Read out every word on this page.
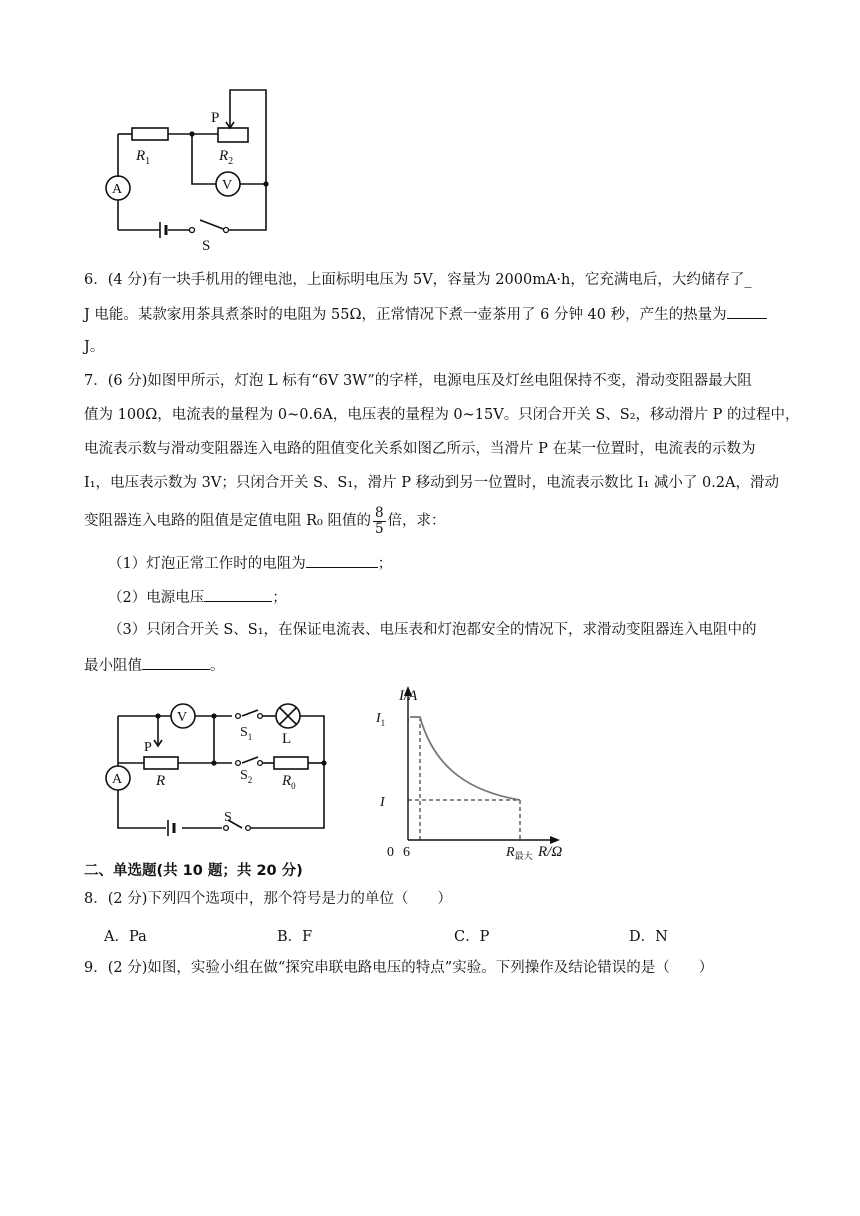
P
$R_1$	$R_2$
A	V
S
6．(4 分)有一块手机用的锂电池，上面标明电压为 5V，容量为 2000mA·h，它充满电后，大约储存了_
J 电能。某款家用茶具煮茶时的电阻为 55Ω，正常情况下煮一壶茶用了 6 分钟 40 秒，产生的热量为
J。
7．(6 分)如图甲所示，灯泡 L 标有“6V 3W”的字样，电源电压及灯丝电阻保持不变，滑动变阻器最大阻
值为 100Ω，电流表的量程为 0~0.6A，电压表的量程为 0~15V。只闭合开关 S、S₂，移动滑片 P 的过程中，
电流表示数与滑动变阻器连入电路的阻值变化关系如图乙所示，当滑片 P 在某一位置时，电流表的示数为
I₁，电压表示数为 3V；只闭合开关 S、S₁，滑片 P 移动到另一位置时，电流表示数比 I₁ 减小了 0.2A，滑动
变阻器连入电路的阻值是定值电阻 R₀ 阻值的 $\frac{8}{5}$ 倍，求：
（1）灯泡正常工作时的电阻为	；
（2）电源电压	；
（3）只闭合开关 S、S₁，在保证电流表、电压表和灯泡都安全的情况下，求滑动变阻器连入电阻中的
最小阻值	。
V
$S_1$ L
P
R	$S_2$ $R_0$
A
S
I/A
$I_1$
I
0 6	$R_{最大}$ R/Ω
二、单选题(共 10 题；共 20 分)
8．(2 分)下列四个选项中，那个符号是力的单位（　　）
A．Pa	B．F	C．P	D．N
9．(2 分)如图，实验小组在做“探究串联电路电压的特点”实验。下列操作及结论错误的是（　　）
